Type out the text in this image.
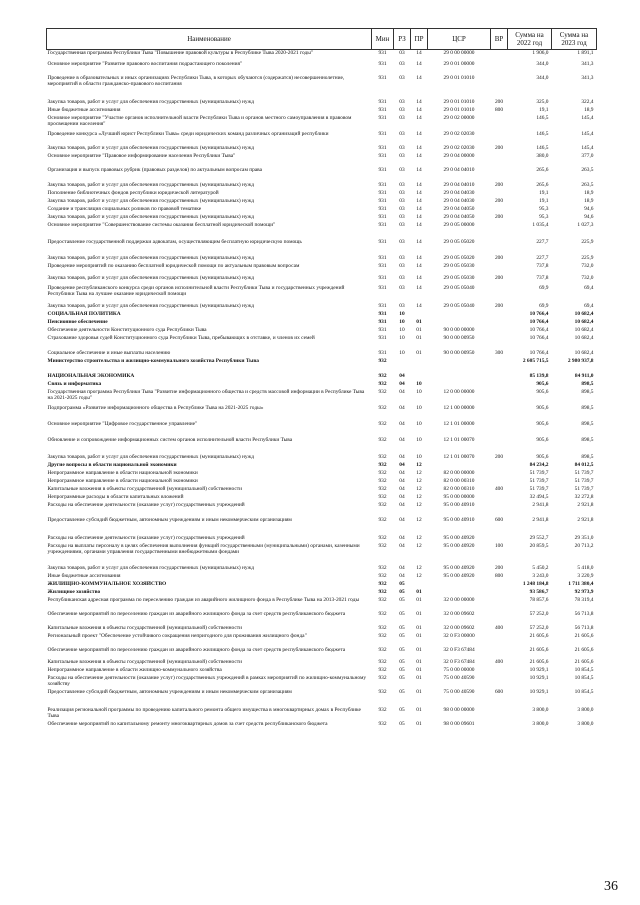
Наименование	Мин	РЗ	ПР	ЦСР	ВР	Сумма на 2022 год	Сумма на 2023 год
Государственная программа Республики Тыва "Повышение правовой культуры в Республике Тыва 2020-2021 годы"	931	03	14	29 0 00 00000		1 906,0	1 891,1
Основное мероприятие "Развитие правового воспитания подрастающего поколения"	931	03	14	29 0 01 00000		344,0	341,3
Проведение в образовательных и иных организациях Республики Тыва, в которых обучаются (содержатся) несовершеннолетние, мероприятий в области гражданско-правового воспитания	931	03	14	29 0 01 01010		344,0	341,3
Закупка товаров, работ и услуг для обеспечения государственных (муниципальных) нужд	931	03	14	29 0 01 01010	200	325,0	322,4
Иные бюджетные ассигнования	931	03	14	29 0 01 01010	800	19,1	18,9
Основное мероприятие "Участие органов исполнительной власти Республики Тыва и органов местного самоуправления в правовом просвещении населения"	931	03	14	29 0 02 00000		146,5	145,4
Проведение конкурса «Лучший юрист Республики Тыва» среди юридических команд различных организаций республики	931	03	14	29 0 02 02030		146,5	145,4
Закупка товаров, работ и услуг для обеспечения государственных (муниципальных) нужд	931	03	14	29 0 02 02030	200	146,5	145,4
Основное мероприятие "Правовое информирование населения Республики Тыва"	931	03	14	29 0 04 00000		380,0	377,0
Организация и выпуск правовых рубрик (правовых разделов) по актуальным вопросам права	931	03	14	29 0 04 04010		265,6	263,5
Закупка товаров, работ и услуг для обеспечения государственных (муниципальных) нужд	931	03	14	29 0 04 04010	200	265,6	263,5
Пополнение библиотечных фондов республики юридической литературой	931	03	14	29 0 04 04030		19,1	18,9
Закупка товаров, работ и услуг для обеспечения государственных (муниципальных) нужд	931	03	14	29 0 04 04030	200	19,1	18,9
Создание и трансляция социальных роликов по правовой тематике	931	03	14	29 0 04 04050		95,3	94,6
Закупка товаров, работ и услуг для обеспечения государственных (муниципальных) нужд	931	03	14	29 0 04 04050	200	95,3	94,6
Основное мероприятие "Совершенствование системы оказания бесплатной юридической помощи"	931	03	14	29 0 05 00000		1 035,4	1 027,3
Предоставление государственной поддержки адвокатам, осуществляющим бесплатную юридическую помощь	931	03	14	29 0 05 05020		227,7	225,9
Закупка товаров, работ и услуг для обеспечения государственных (муниципальных) нужд	931	03	14	29 0 05 05020	200	227,7	225,9
Проведение мероприятий по оказанию бесплатной юридической помощи по актуальным правовым вопросам	931	03	14	29 0 05 05030		737,8	732,0
Закупка товаров, работ и услуг для обеспечения государственных (муниципальных) нужд	931	03	14	29 0 05 05030	200	737,8	732,0
Проведение республиканского конкурса среди органов исполнительной власти Республики Тыва и государственных учреждений Республики Тыва на лучшее оказание юридической помощи	931	03	14	29 0 05 05040		69,9	69,4
Закупка товаров, работ и услуг для обеспечения государственных (муниципальных) нужд	931	03	14	29 0 05 05040	200	69,9	69,4
СОЦИАЛЬНАЯ ПОЛИТИКА	931	10				10 766,4	10 682,4
Пенсионное обеспечение	931	10	01			10 766,4	10 682,4
Обеспечение деятельности Конституционного суда Республики Тыва	931	10	01	90 0 00 00000		10 766,4	10 682,4
Страхование здоровья судей Конституционного суда Республики Тыва, пребывающих в отставке, и членов их семей	931	10	01	90 0 00 00950		10 766,4	10 682,4
Социальное обеспечение и иные выплаты населению	931	10	01	90 0 00 00950	300	10 766,4	10 682,4
Министерство строительства и жилищно-коммунального хозяйства Республики Тыва	932					2 605 715,5	2 980 937,8
НАЦИОНАЛЬНАЯ ЭКОНОМИКА	932	04				85 139,8	84 911,0
Связь и информатика	932	04	10			905,6	898,5
Государственная программа Республики Тыва "Развитие информационного общества и средств массовой информации в Республике Тыва на 2021-2025 годы"	932	04	10	12 0 00 00000		905,6	898,5
Подпрограмма «Развитие информационного общества в Республике Тыва на 2021-2025 годы»	932	04	10	12 1 00 00000		905,6	898,5
Основное мероприятие "Цифровое государственное управление"	932	04	10	12 1 01 00000		905,6	898,5
Обновление и сопровождение информационных систем органов исполнительной власти Республики Тыва	932	04	10	12 1 01 00070		905,6	898,5
Закупка товаров, работ и услуг для обеспечения государственных (муниципальных) нужд	932	04	10	12 1 01 00070	200	905,6	898,5
Другие вопросы в области национальной экономики	932	04	12			84 234,2	84 012,5
Непрограммное направление в области национальной экономики	932	04	12	82 0 00 00000		51 739,7	51 739,7
Непрограммное направление в области национальной экономики	932	04	12	82 0 00 00310		51 739,7	51 739,7
Капитальные вложения в объекты государственной (муниципальной) собственности	932	04	12	82 0 00 00310	400	51 739,7	51 739,7
Непрограммные расходы в области капитальных вложений	932	04	12	95 0 00 00000		32 494,5	32 272,8
Расходы на обеспечение деятельности (оказание услуг) государственных учреждений	932	04	12	95 0 00 40910		2 941,8	2 921,8
Предоставление субсидий бюджетным, автономным учреждениям и иным некоммерческим организациям	932	04	12	95 0 00 40910	600	2 941,8	2 921,8
Расходы на обеспечение деятельности (оказание услуг) государственных учреждений	932	04	12	95 0 00 40920		29 552,7	29 351,0
Расходы на выплаты персоналу в целях обеспечения выполнения функций государственными (муниципальными) органами, казенными учреждениями, органами управления государственными внебюджетными фондами	932	04	12	95 0 00 40920	100	20 859,5	20 713,2
Закупка товаров, работ и услуг для обеспечения государственных (муниципальных) нужд	932	04	12	95 0 00 40920	200	5 450,2	5 418,0
Иные бюджетные ассигнования	932	04	12	95 0 00 40920	800	3 243,0	3 220,9
ЖИЛИЩНО-КОММУНАЛЬНОЕ ХОЗЯЙСТВО	932	05				1 248 184,8	1 711 380,4
Жилищное хозяйство	932	05	01			93 586,7	92 973,9
Республиканская адресная программа по переселению граждан из аварийного жилищного фонда в Республике Тыва на 2013-2021 годы	932	05	01	32 0 00 00000		78 857,6	78 319,4
Обеспечение мероприятий по переселению граждан из аварийного жилищного фонда за счет средств республиканского бюджета	932	05	01	32 0 00 09602		57 252,0	56 713,8
Капитальные вложения в объекты государственной (муниципальной) собственности	932	05	01	32 0 00 09602	400	57 252,0	56 713,8
Региональный проект "Обеспечение устойчивого сокращения непригодного для проживания жилищного фонда"	932	05	01	32 0 F3 00000		21 605,6	21 605,6
Обеспечение мероприятий по переселению граждан из аварийного жилищного фонда за счет средств республиканского бюджета	932	05	01	32 0 F3 67484		21 605,6	21 605,6
Капитальные вложения в объекты государственной (муниципальной) собственности	932	05	01	32 0 F3 67484	400	21 605,6	21 605,6
Непрограммное направление в области жилищно-коммунального хозяйства	932	05	01	75 0 00 00000		10 929,1	10 854,5
Расходы на обеспечение деятельности (оказание услуг) государственных учреждений в рамках мероприятий по жилищно-коммунальному хозяйству	932	05	01	75 0 00 40590		10 929,1	10 854,5
Предоставление субсидий бюджетным, автономным учреждениям и иным некоммерческим организациям	932	05	01	75 0 00 40590	600	10 929,1	10 854,5
Реализация региональной программы по проведению капитального ремонта общего имущества в многоквартирных домах в Республике Тыва	932	05	01	98 0 00 00000		3 800,0	3 800,0
Обеспечение мероприятий по капитальному ремонту многоквартирных домов за счет средств республиканского бюджета	932	05	01	98 0 00 09601		3 800,0	3 800,0
36
